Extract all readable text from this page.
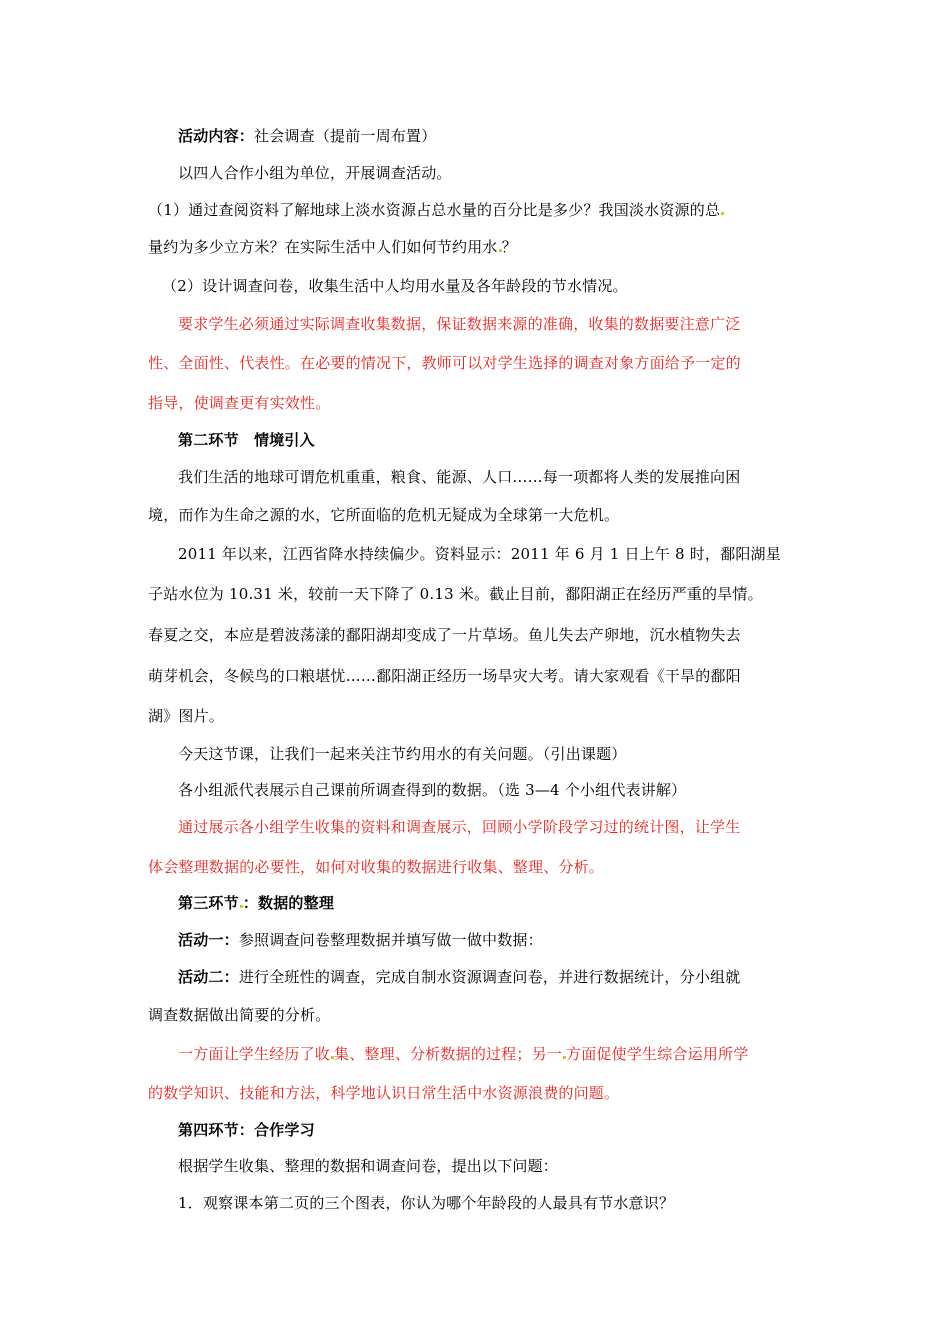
活动内容：社会调查（提前一周布置）
以四人合作小组为单位，开展调查活动。
（1）通过查阅资料了解地球上淡水资源占总水量的百分比是多少？我国淡水资源的总
量约为多少立方米？在实际生活中人们如何节约用水 ？
（2）设计调查问卷，收集生活中人均用水量及各年龄段的节水情况。
要求学生必须通过实际调查收集数据，保证数据来源的准确，收集的数据要注意广泛
性、全面性、代表性。在必要的情况下，教师可以对学生选择的调查对象方面给予一定的
指导，使调查更有实效性。
第二环节　情境引入
我们生活的地球可谓危机重重，粮食、能源、人口……每一项都将人类的发展推向困
境，而作为生命之源的水，它所面临的危机无疑成为全球第一大危机。
2011 年以来，江西省降水持续偏少。资料显示：2011 年 6 月 1 日上午 8 时，鄱阳湖星
子站水位为 10.31 米，较前一天下降了 0.13 米。截止目前，鄱阳湖正在经历严重的旱情。
春夏之交，本应是碧波荡漾的鄱阳湖却变成了一片草场。鱼儿失去产卵地，沉水植物失去
萌芽机会，冬候鸟的口粮堪忧……鄱阳湖正经历一场旱灾大考。请大家观看《干旱的鄱阳
湖》图片。
今天这节课，让我们一起来关注节约用水的有关问题。（引出课题）
各小组派代表展示自己课前所调查得到的数据。（选 3—4 个小组代表讲解）
通过展示各小组学生收集的资料和调查展示，回顾小学阶段学习过的统计图，让学生
体会整理数据的必要性，如何对收集的数据进行收集、整理、分析。
第三环节 ：数据的整理
活动一：参照调查问卷整理数据并填写做一做中数据：
活动二：进行全班性的调查，完成自制水资源调查问卷，并进行数据统计，分小组就
调查数据做出简要的分析。
一方面让学生经历了收 集、整理、分析数据的过程；另一 方面促使学生综合运用所学
的数学知识、技能和方法，科学地认识日常生活中水资源浪费的问题。
第四环节：合作学习
根据学生收集、整理的数据和调查问卷，提出以下问题：
1．观察课本第二页的三个图表，你认为哪个年龄段的人最具有节水意识？
